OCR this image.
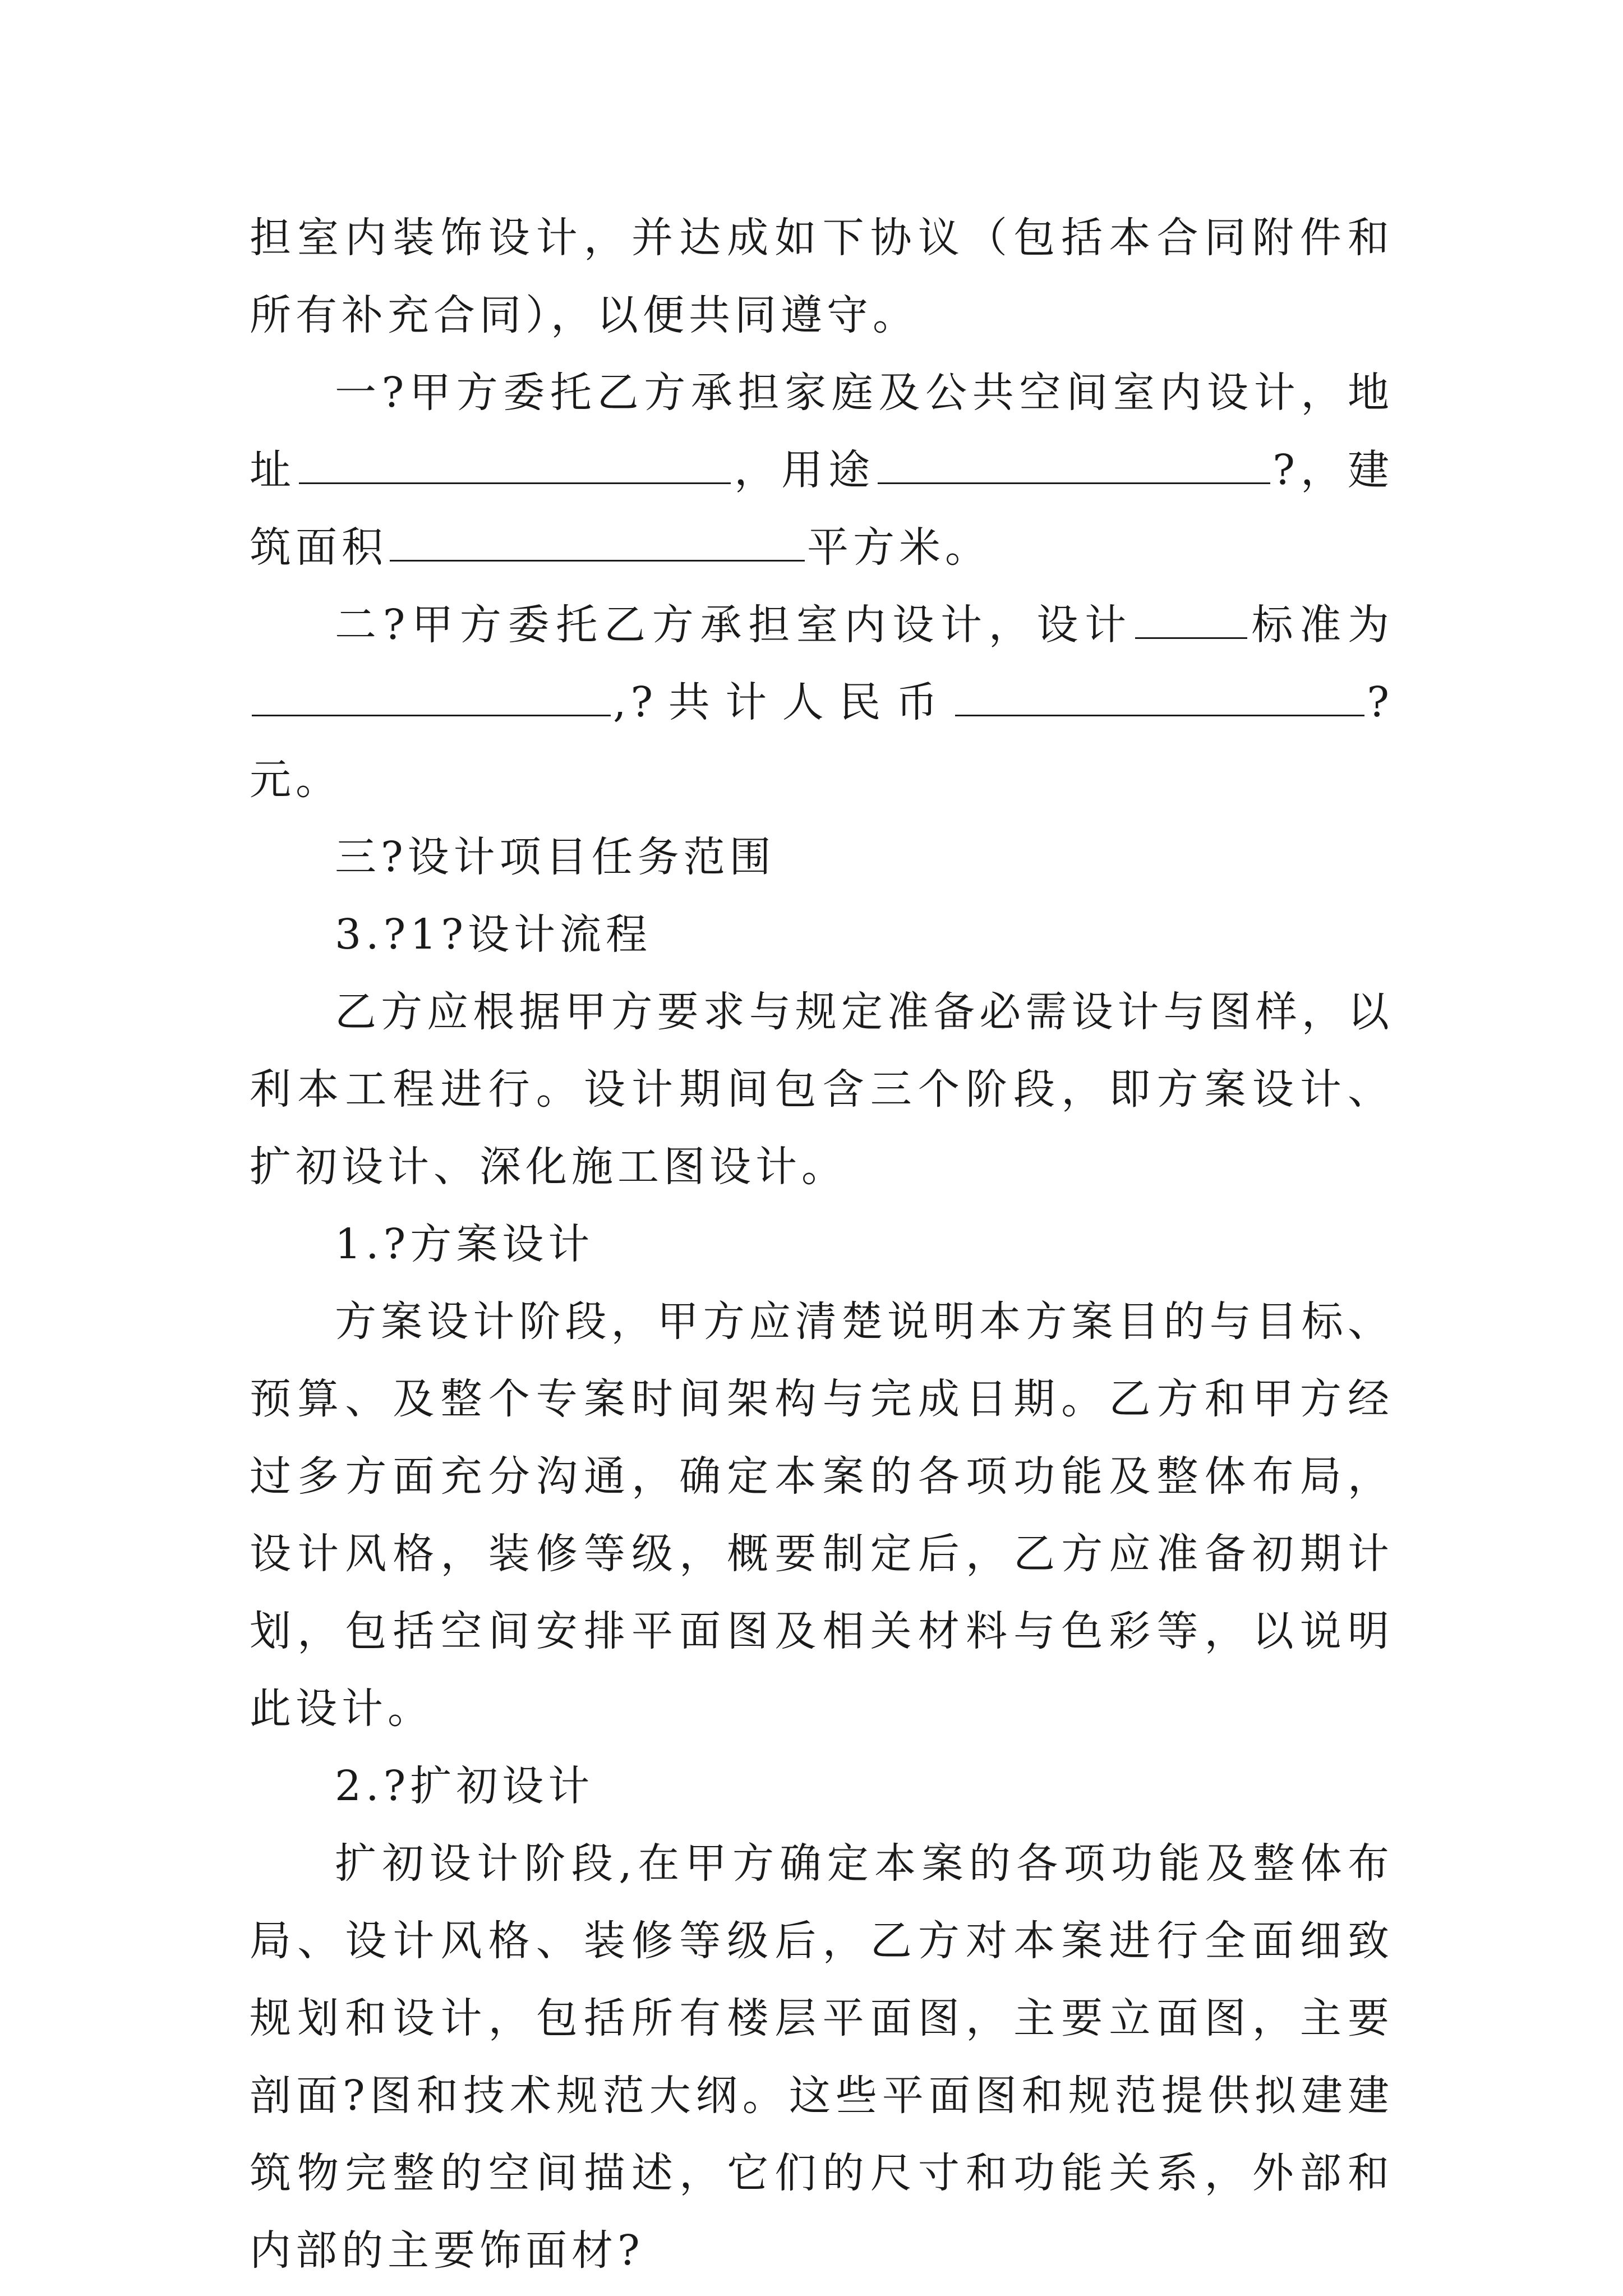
担室内装饰设计，并达成如下协议（包括本合同附件和所有补充合同），以便共同遵守。

一?甲方委托乙方承担家庭及公共空间室内设计，地址	，用途	?，建筑面积	平方米。

二?甲方委托乙方承担室内设计，设计	标准为,?共计人民币	?元。

三?设计项目任务范围

3.?1?设计流程

乙方应根据甲方要求与规定准备必需设计与图样，以利本工程进行。设计期间包含三个阶段，即方案设计、扩初设计、深化施工图设计。

1.?方案设计

方案设计阶段，甲方应清楚说明本方案目的与目标、预算、及整个专案时间架构与完成日期。乙方和甲方经过多方面充分沟通，确定本案的各项功能及整体布局，设计风格，装修等级，概要制定后，乙方应准备初期计划，包括空间安排平面图及相关材料与色彩等，以说明此设计。

2.?扩初设计

扩初设计阶段,在甲方确定本案的各项功能及整体布局、设计风格、装修等级后，乙方对本案进行全面细致规划和设计，包括所有楼层平面图，主要立面图，主要剖面?图和技术规范大纲。这些平面图和规范提供拟建建筑物完整的空间描述，它们的尺寸和功能关系，外部和内部的主要饰面材?
